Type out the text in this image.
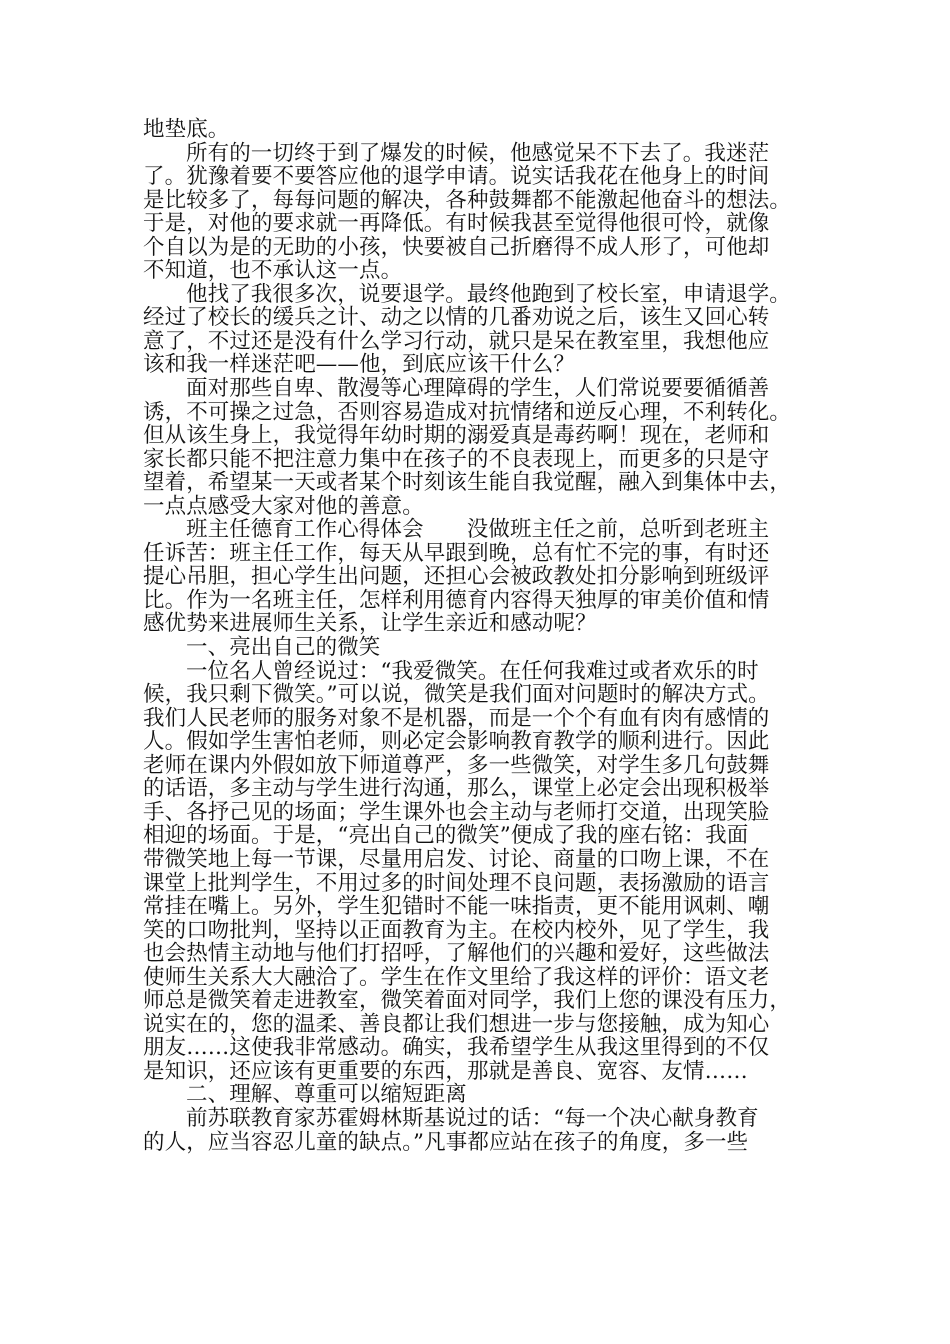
地垫底。
所有的一切终于到了爆发的时候，他感觉呆不下去了。我迷茫
了。犹豫着要不要答应他的退学申请。说实话我花在他身上的时间
是比较多了，每每问题的解决，各种鼓舞都不能激起他奋斗的想法。
于是，对他的要求就一再降低。有时候我甚至觉得他很可怜，就像
个自以为是的无助的小孩，快要被自己折磨得不成人形了，可他却
不知道，也不承认这一点。
他找了我很多次，说要退学。最终他跑到了校长室，申请退学。
经过了校长的缓兵之计、动之以情的几番劝说之后，该生又回心转
意了，不过还是没有什么学习行动，就只是呆在教室里，我想他应
该和我一样迷茫吧——他，到底应该干什么？
面对那些自卑、散漫等心理障碍的学生，人们常说要要循循善
诱，不可操之过急，否则容易造成对抗情绪和逆反心理，不利转化。
但从该生身上，我觉得年幼时期的溺爱真是毒药啊！现在，老师和
家长都只能不把注意力集中在孩子的不良表现上，而更多的只是守
望着，希望某一天或者某个时刻该生能自我觉醒，融入到集体中去，
一点点感受大家对他的善意。
班主任德育工作心得体会　　没做班主任之前，总听到老班主
任诉苦：班主任工作，每天从早跟到晚，总有忙不完的事，有时还
提心吊胆，担心学生出问题，还担心会被政教处扣分影响到班级评
比。作为一名班主任，怎样利用德育内容得天独厚的审美价值和情
感优势来进展师生关系，让学生亲近和感动呢？
一、亮出自己的微笑
一位名人曾经说过：“我爱微笑。在任何我难过或者欢乐的时
候，我只剩下微笑。”可以说，微笑是我们面对问题时的解决方式。
我们人民老师的服务对象不是机器，而是一个个有血有肉有感情的
人。假如学生害怕老师，则必定会影响教育教学的顺利进行。因此
老师在课内外假如放下师道尊严，多一些微笑，对学生多几句鼓舞
的话语，多主动与学生进行沟通，那么，课堂上必定会出现积极举
手、各抒己见的场面；学生课外也会主动与老师打交道，出现笑脸
相迎的场面。于是，“亮出自己的微笑”便成了我的座右铭：我面
带微笑地上每一节课，尽量用启发、讨论、商量的口吻上课，不在
课堂上批判学生，不用过多的时间处理不良问题，表扬激励的语言
常挂在嘴上。另外，学生犯错时不能一味指责，更不能用讽刺、嘲
笑的口吻批判，坚持以正面教育为主。在校内校外，见了学生，我
也会热情主动地与他们打招呼，了解他们的兴趣和爱好，这些做法
使师生关系大大融洽了。学生在作文里给了我这样的评价：语文老
师总是微笑着走进教室，微笑着面对同学，我们上您的课没有压力，
说实在的，您的温柔、善良都让我们想进一步与您接触，成为知心
朋友……这使我非常感动。确实，我希望学生从我这里得到的不仅
是知识，还应该有更重要的东西，那就是善良、宽容、友情……
二、理解、尊重可以缩短距离
前苏联教育家苏霍姆林斯基说过的话：“每一个决心献身教育
的人，应当容忍儿童的缺点。”凡事都应站在孩子的角度，多一些
